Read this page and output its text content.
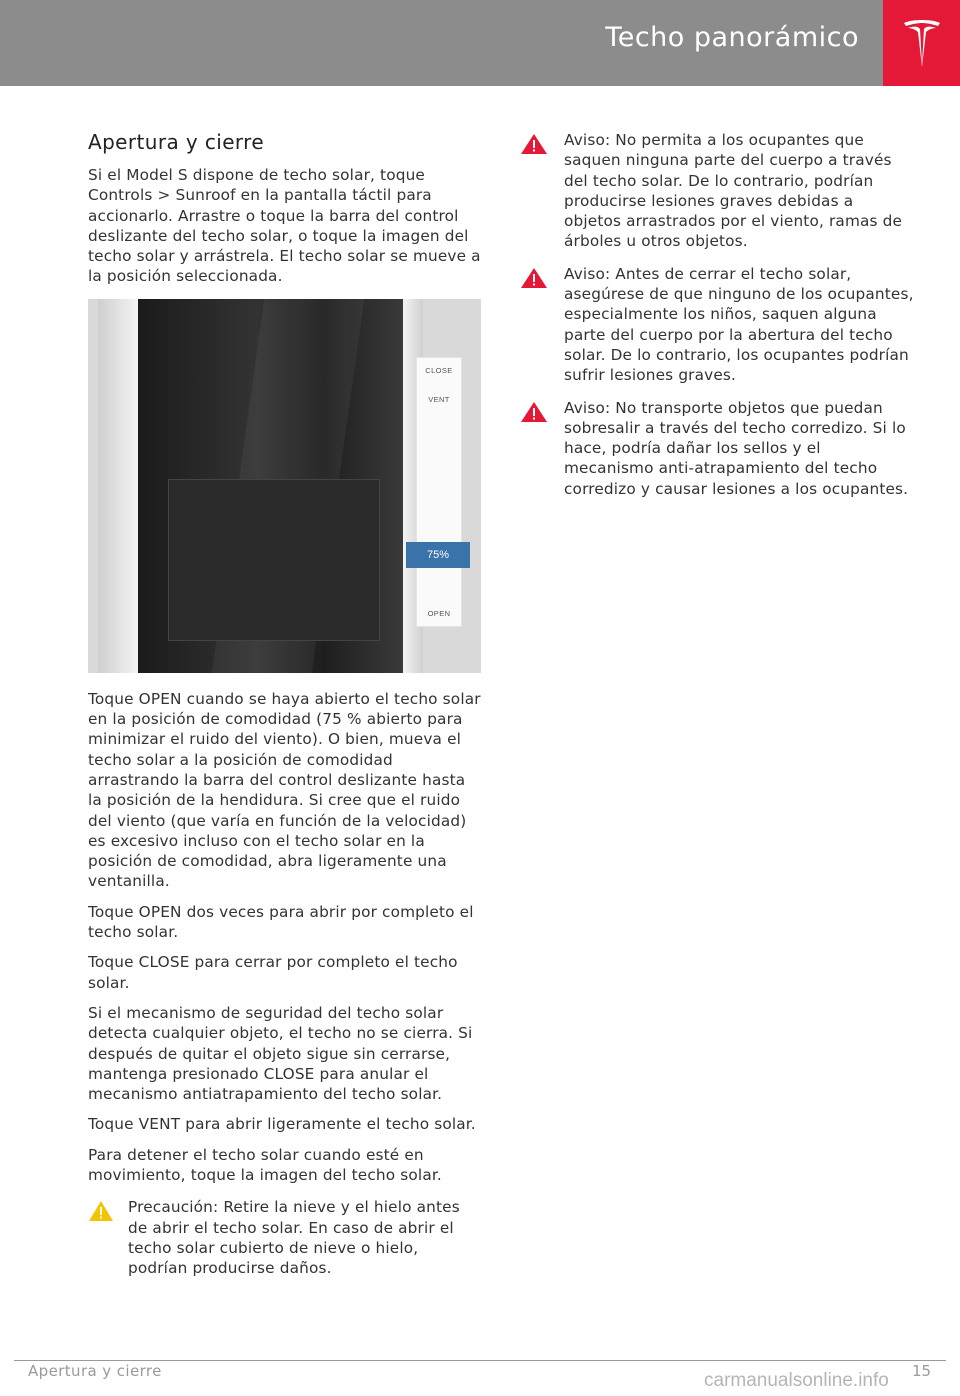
Techo panorámico
Apertura y cierre

Si el Model S dispone de techo solar, toque Controls > Sunroof en la pantalla táctil para accionarlo. Arrastre o toque la barra del control deslizante del techo solar, o toque la imagen del techo solar y arrástrela. El techo solar se mueve a la posición seleccionada.

CLOSE
VENT
75%
OPEN

Toque OPEN cuando se haya abierto el techo solar en la posición de comodidad (75 % abierto para minimizar el ruido del viento). O bien, mueva el techo solar a la posición de comodidad arrastrando la barra del control deslizante hasta la posición de la hendidura. Si cree que el ruido del viento (que varía en función de la velocidad) es excesivo incluso con el techo solar en la posición de comodidad, abra ligeramente una ventanilla.

Toque OPEN dos veces para abrir por completo el techo solar.

Toque CLOSE para cerrar por completo el techo solar.

Si el mecanismo de seguridad del techo solar detecta cualquier objeto, el techo no se cierra. Si después de quitar el objeto sigue sin cerrarse, mantenga presionado CLOSE para anular el mecanismo antiatrapamiento del techo solar.

Toque VENT para abrir ligeramente el techo solar.

Para detener el techo solar cuando esté en movimiento, toque la imagen del techo solar.

Precaución: Retire la nieve y el hielo antes de abrir el techo solar. En caso de abrir el techo solar cubierto de nieve o hielo, podrían producirse daños.

Aviso: No permita a los ocupantes que saquen ninguna parte del cuerpo a través del techo solar. De lo contrario, podrían producirse lesiones graves debidas a objetos arrastrados por el viento, ramas de árboles u otros objetos.

Aviso: Antes de cerrar el techo solar, asegúrese de que ninguno de los ocupantes, especialmente los niños, saquen alguna parte del cuerpo por la abertura del techo solar. De lo contrario, los ocupantes podrían sufrir lesiones graves.

Aviso: No transporte objetos que puedan sobresalir a través del techo corredizo. Si lo hace, podría dañar los sellos y el mecanismo anti-atrapamiento del techo corredizo y causar lesiones a los ocupantes.

Apertura y cierre	15
carmanualsonline.info
